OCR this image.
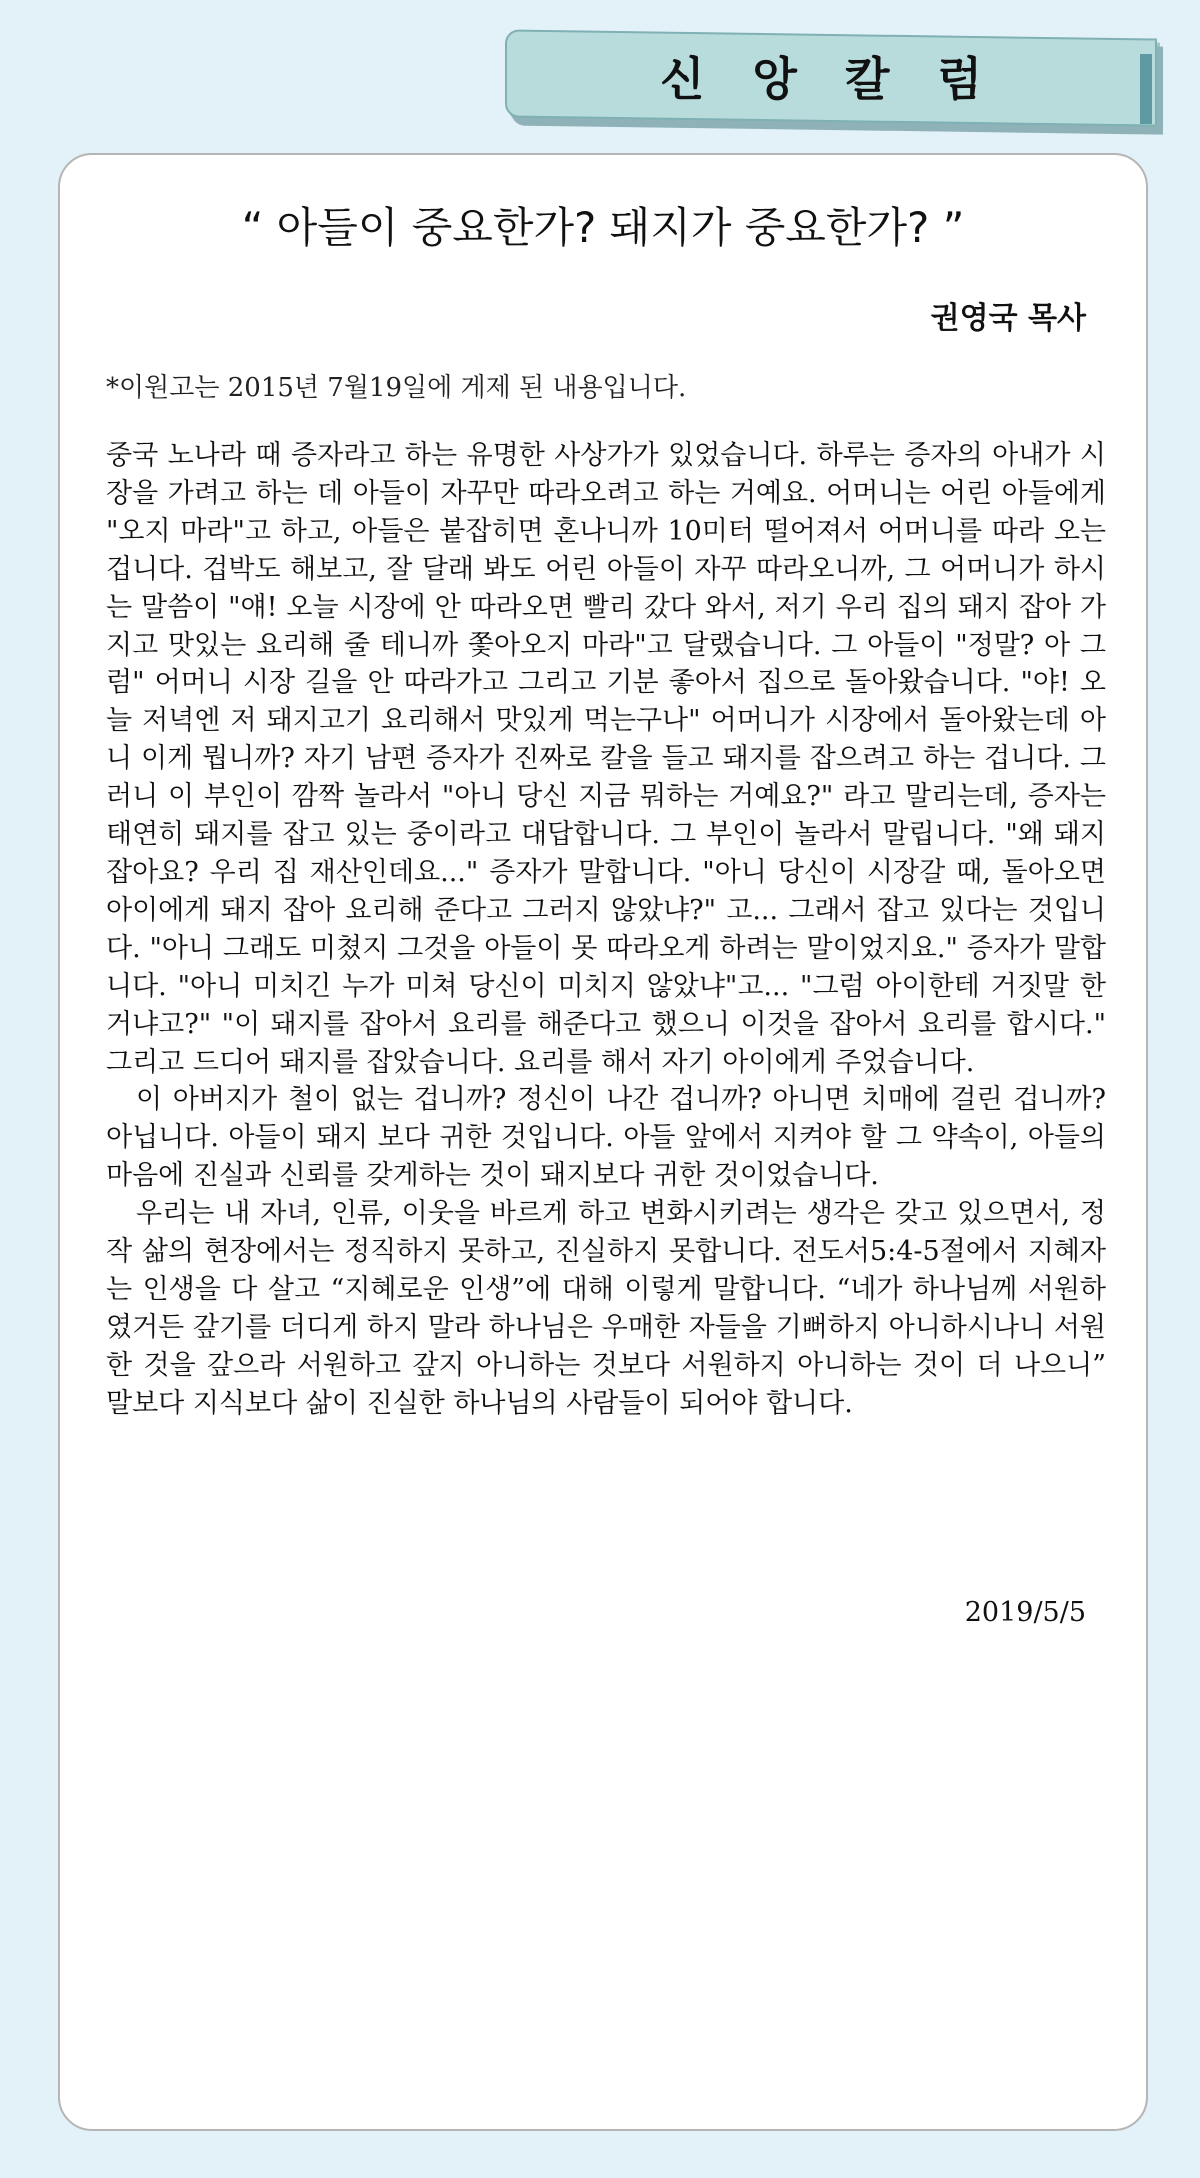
신 앙 칼 럼
“ 아들이 중요한가? 돼지가 중요한가? ”
권영국 목사
*이원고는 2015년 7월19일에 게제 된 내용입니다.

중국 노나라 때 증자라고 하는 유명한 사상가가 있었습니다. 하루는 증자의 아내가 시장을 가려고 하는 데 아들이 자꾸만 따라오려고 하는 거예요. 어머니는 어린 아들에게 "오지 마라"고 하고, 아들은 붙잡히면 혼나니까 10미터 떨어져서 어머니를 따라 오는 겁니다. 겁박도 해보고, 잘 달래 봐도 어린 아들이 자꾸 따라오니까, 그 어머니가 하시는 말씀이 "얘! 오늘 시장에 안 따라오면 빨리 갔다 와서, 저기 우리 집의 돼지 잡아 가지고 맛있는 요리해 줄 테니까 쫓아오지 마라"고 달랬습니다. 그 아들이 "정말? 아 그럼" 어머니 시장 길을 안 따라가고 그리고 기분 좋아서 집으로 돌아왔습니다. "야! 오늘 저녁엔 저 돼지고기 요리해서 맛있게 먹는구나" 어머니가 시장에서 돌아왔는데 아니 이게 뭡니까? 자기 남편 증자가 진짜로 칼을 들고 돼지를 잡으려고 하는 겁니다. 그러니 이 부인이 깜짝 놀라서 "아니 당신 지금 뭐하는 거예요?" 라고 말리는데, 증자는 태연히 돼지를 잡고 있는 중이라고 대답합니다. 그 부인이 놀라서 말립니다. "왜 돼지 잡아요? 우리 집 재산인데요..." 증자가 말합니다. "아니 당신이 시장갈 때, 돌아오면 아이에게 돼지 잡아 요리해 준다고 그러지 않았냐?" 고... 그래서 잡고 있다는 것입니다. "아니 그래도 미쳤지 그것을 아들이 못 따라오게 하려는 말이었지요." 증자가 말합니다. "아니 미치긴 누가 미쳐 당신이 미치지 않았냐"고... "그럼 아이한테 거짓말 한거냐고?" "이 돼지를 잡아서 요리를 해준다고 했으니 이것을 잡아서 요리를 합시다." 그리고 드디어 돼지를 잡았습니다. 요리를 해서 자기 아이에게 주었습니다.

이 아버지가 철이 없는 겁니까? 정신이 나간 겁니까? 아니면 치매에 걸린 겁니까? 아닙니다. 아들이 돼지 보다 귀한 것입니다. 아들 앞에서 지켜야 할 그 약속이, 아들의 마음에 진실과 신뢰를 갖게하는 것이 돼지보다 귀한 것이었습니다.

우리는 내 자녀, 인류, 이웃을 바르게 하고 변화시키려는 생각은 갖고 있으면서, 정작 삶의 현장에서는 정직하지 못하고, 진실하지 못합니다. 전도서5:4-5절에서 지혜자는 인생을 다 살고 “지혜로운 인생”에 대해 이렇게 말합니다. “네가 하나님께 서원하였거든 갚기를 더디게 하지 말라 하나님은 우매한 자들을 기뻐하지 아니하시나니 서원한 것을 갚으라 서원하고 갚지 아니하는 것보다 서원하지 아니하는 것이 더 나으니” 말보다 지식보다 삶이 진실한 하나님의 사람들이 되어야 합니다.

2019/5/5
